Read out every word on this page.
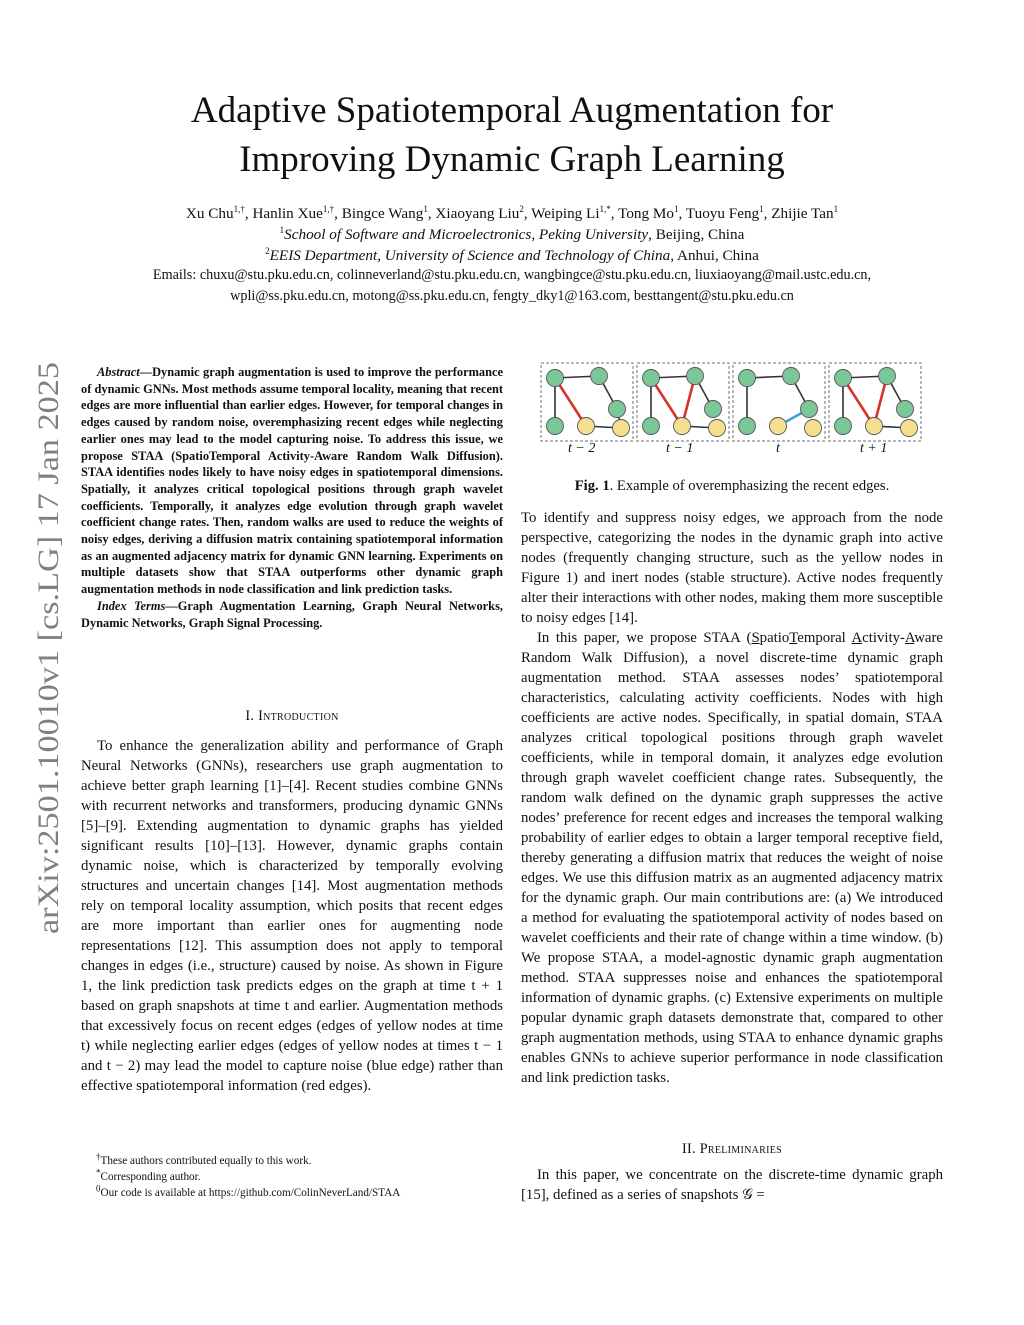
Adaptive Spatiotemporal Augmentation for
Improving Dynamic Graph Learning
Xu Chu$^{1,\dagger}$, Hanlin Xue$^{1,\dagger}$, Bingce Wang$^1$, Xiaoyang Liu$^2$, Weiping $Li^{1,*}$, Tong Mo$^1$, Tuoyu Feng$^1$, Zhijie Tan$^1$
$^1$School of Software and Microelectronics, Peking University, Beijing, China
$^2$EEIS Department, University of Science and Technology of China, Anhui, China
Emails: chuxu@stu.pku.edu.cn, colinneverland@stu.pku.edu.cn, wangbingce@stu.pku.edu.cn, liuxiaoyang@mail.ustc.edu.cn,
wpli@ss.pku.edu.cn, motong@ss.pku.edu.cn, fengty_dky1@163.com, besttangent@stu.pku.edu.cn
arXiv:2501.10010v1 [cs.LG] 17 Jan 2025

Abstract—Dynamic graph augmentation is used to improve the performance of dynamic GNNs. Most methods assume temporal locality, meaning that recent edges are more influential than earlier edges. However, for temporal changes in edges caused by random noise, overemphasizing recent edges while neglecting earlier ones may lead to the model capturing noise. To address this issue, we propose STAA (SpatioTemporal Activity-Aware Random Walk Diffusion). STAA identifies nodes likely to have noisy edges in spatiotemporal dimensions. Spatially, it analyzes critical topological positions through graph wavelet coefficients. Temporally, it analyzes edge evolution through graph wavelet coefficient change rates. Then, random walks are used to reduce the weights of noisy edges, deriving a diffusion matrix containing spatiotemporal information as an augmented adjacency matrix for dynamic GNN learning. Experiments on multiple datasets show that STAA outperforms other dynamic graph augmentation methods in node classification and link prediction tasks.

Index Terms—Graph Augmentation Learning, Graph Neural Networks, Dynamic Networks, Graph Signal Processing.

I. Introduction

To enhance the generalization ability and performance of Graph Neural Networks (GNNs), researchers use graph augmentation to achieve better graph learning [1]–[4]. Recent studies combine GNNs with recurrent networks and transformers, producing dynamic GNNs [5]–[9]. Extending augmentation to dynamic graphs has yielded significant results [10]–[13]. However, dynamic graphs contain dynamic noise, which is characterized by temporally evolving structures and uncertain changes [14]. Most augmentation methods rely on temporal locality assumption, which posits that recent edges are more important than earlier ones for augmenting node representations [12]. This assumption does not apply to temporal changes in edges (i.e., structure) caused by noise. As shown in Figure 1, the link prediction task predicts edges on the graph at time t + 1 based on graph snapshots at time t and earlier. Augmentation methods that excessively focus on recent edges (edges of yellow nodes at time t) while neglecting earlier edges (edges of yellow nodes at times t − 1 and t − 2) may lead the model to capture noise (blue edge) rather than effective spatiotemporal information (red edges).

†These authors contributed equally to this work.
*Corresponding author.
$^0$Our code is available at https://github.com/ColinNeverLand/STAA
t − 2	t − 1	t	t + 1
Fig. 1. Example of overemphasizing the recent edges.

To identify and suppress noisy edges, we approach from the node perspective, categorizing the nodes in the dynamic graph into active nodes (frequently changing structure, such as the yellow nodes in Figure 1) and inert nodes (stable structure). Active nodes frequently alter their interactions with other nodes, making them more susceptible to noisy edges [14].

In this paper, we propose STAA (SpatioTemporal Activity-Aware Random Walk Diffusion), a novel discrete-time dynamic graph augmentation method. STAA assesses nodes’ spatiotemporal characteristics, calculating activity coefficients. Nodes with high coefficients are active nodes. Specifically, in spatial domain, STAA analyzes critical topological positions through graph wavelet coefficients, while in temporal domain, it analyzes edge evolution through graph wavelet coefficient change rates. Subsequently, the random walk defined on the dynamic graph suppresses the active nodes’ preference for recent edges and increases the temporal walking probability of earlier edges to obtain a larger temporal receptive field, thereby generating a diffusion matrix that reduces the weight of noise edges. We use this diffusion matrix as an augmented adjacency matrix for the dynamic graph. Our main contributions are: (a) We introduced a method for evaluating the spatiotemporal activity of nodes based on wavelet coefficients and their rate of change within a time window. (b) We propose STAA, a model-agnostic dynamic graph augmentation method. STAA suppresses noise and enhances the spatiotemporal information of dynamic graphs. (c) Extensive experiments on multiple popular dynamic graph datasets demonstrate that, compared to other graph augmentation methods, using STAA to enhance dynamic graphs enables GNNs to achieve superior performance in node classification and link prediction tasks.

II. Preliminaries

In this paper, we concentrate on the discrete-time dynamic graph [15], defined as a series of snapshots 𝒢 =
